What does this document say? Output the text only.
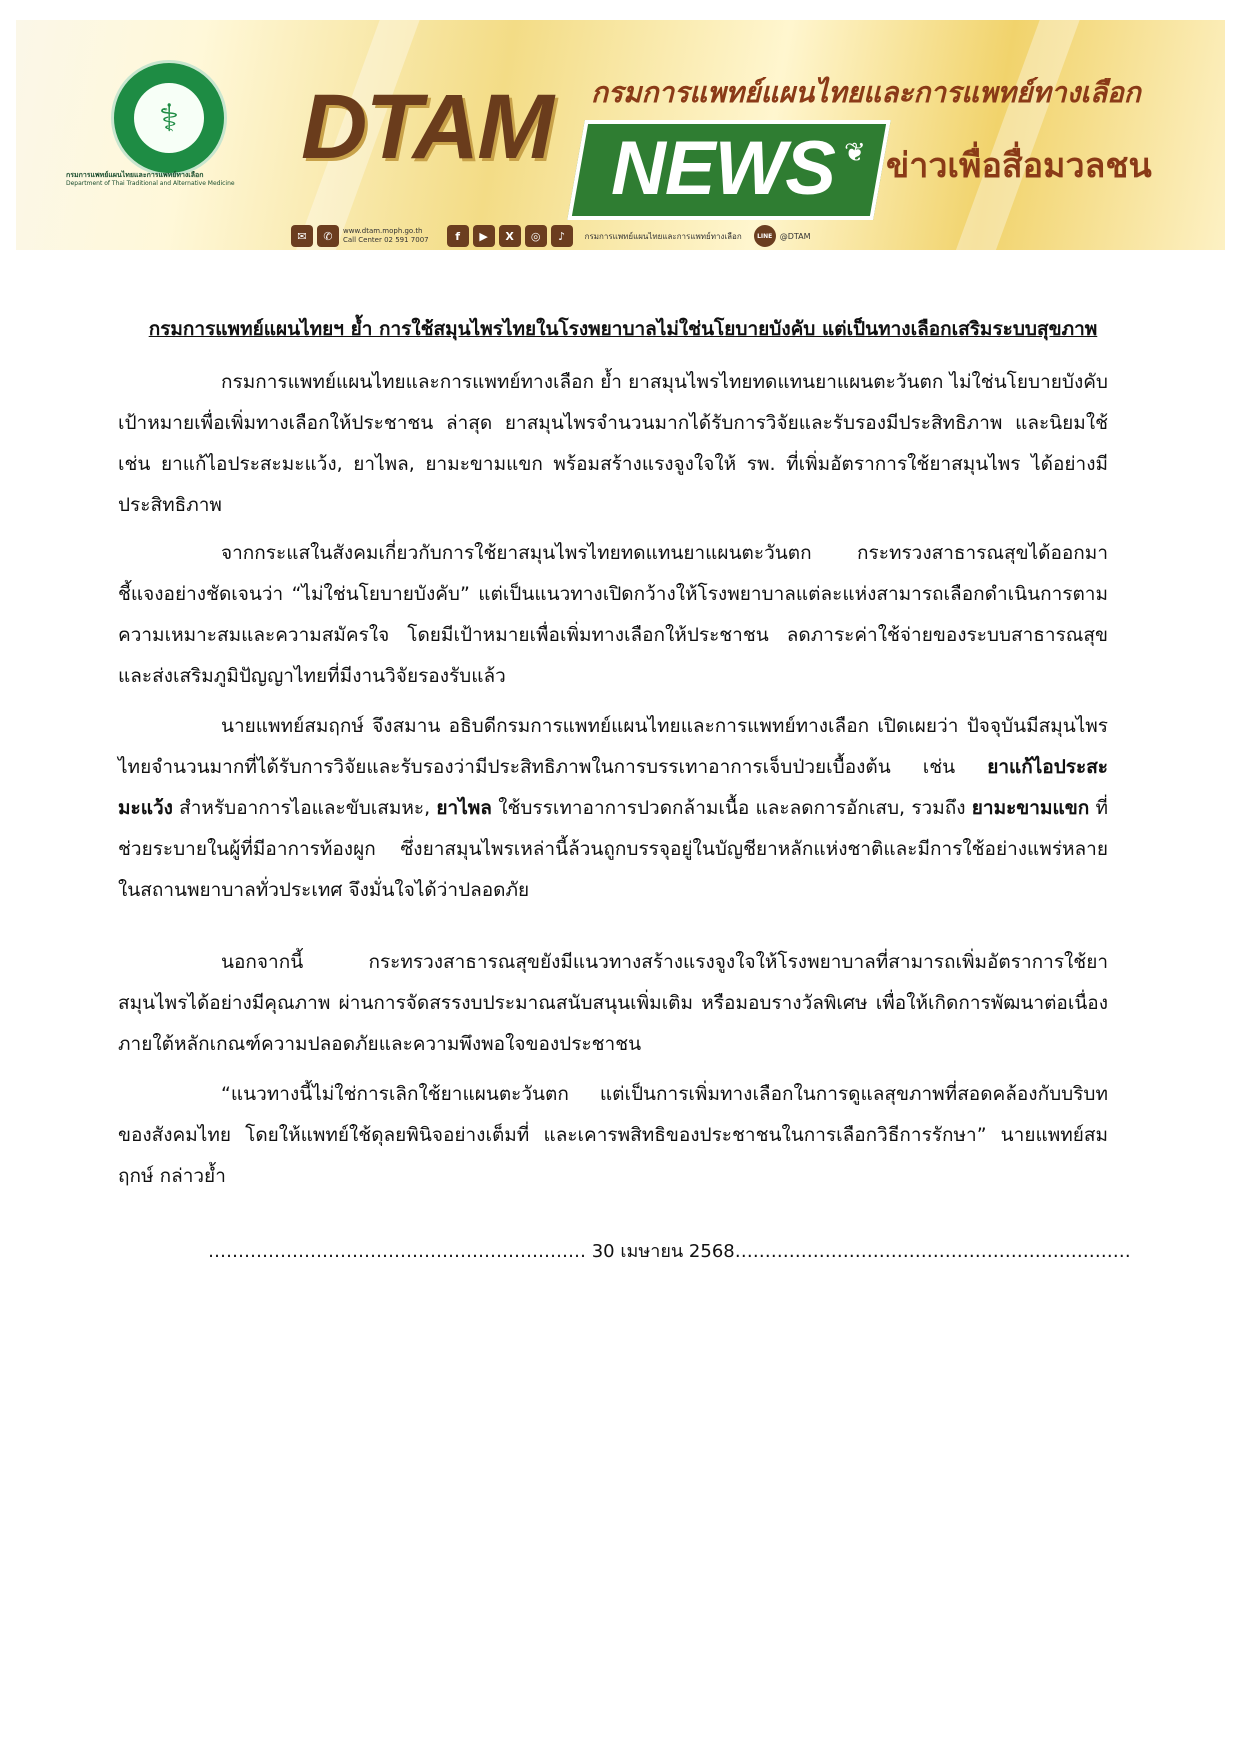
⚕
กรมการแพทย์แผนไทยและการแพทย์ทางเลือก
Department of Thai Traditional and Alternative Medicine
DTAM	กรมการแพทย์แผนไทยและการแพทย์ทางเลือก
NEWS ❦ ข่าวเพื่อสื่อมวลชน
✉	✆	www.dtam.moph.go.th
Call Center 02 591 7007	f	▶	X	◎	♪	กรมการแพทย์แผนไทยและการแพทย์ทางเลือก	LINE @DTAM
กรมการแพทย์แผนไทยฯ ย้ำ การใช้สมุนไพรไทยในโรงพยาบาลไม่ใช่นโยบายบังคับ แต่เป็นทางเลือกเสริมระบบสุขภาพ

กรมการแพทย์แผนไทยและการแพทย์ทางเลือก ย้ำ ยาสมุนไพรไทยทดแทนยาแผนตะวันตก ไม่ใช่นโยบายบังคับ เป้าหมายเพื่อเพิ่มทางเลือกให้ประชาชน ล่าสุด ยาสมุนไพรจำนวนมากได้รับการวิจัยและรับรองมีประสิทธิภาพ และนิยมใช้ เช่น ยาแก้ไอประสะมะแว้ง, ยาไพล, ยามะขามแขก พร้อมสร้างแรงจูงใจให้ รพ. ที่เพิ่มอัตราการใช้ยาสมุนไพร ได้อย่างมีประสิทธิภาพ

จากกระแสในสังคมเกี่ยวกับการใช้ยาสมุนไพรไทยทดแทนยาแผนตะวันตก กระทรวงสาธารณสุขได้ออกมาชี้แจงอย่างชัดเจนว่า “ไม่ใช่นโยบายบังคับ” แต่เป็นแนวทางเปิดกว้างให้โรงพยาบาลแต่ละแห่งสามารถเลือกดำเนินการตามความเหมาะสมและความสมัครใจ โดยมีเป้าหมายเพื่อเพิ่มทางเลือกให้ประชาชน ลดภาระค่าใช้จ่ายของระบบสาธารณสุข และส่งเสริมภูมิปัญญาไทยที่มีงานวิจัยรองรับแล้ว

นายแพทย์สมฤกษ์ จึงสมาน อธิบดีกรมการแพทย์แผนไทยและการแพทย์ทางเลือก เปิดเผยว่า ปัจจุบันมีสมุนไพรไทยจำนวนมากที่ได้รับการวิจัยและรับรองว่ามีประสิทธิภาพในการบรรเทาอาการเจ็บป่วยเบื้องต้น เช่น ยาแก้ไอประสะมะแว้ง สำหรับอาการไอและขับเสมหะ, ยาไพล ใช้บรรเทาอาการปวดกล้ามเนื้อ และลดการอักเสบ, รวมถึง ยามะขามแขก ที่ช่วยระบายในผู้ที่มีอาการท้องผูก ซึ่งยาสมุนไพรเหล่านี้ล้วนถูกบรรจุอยู่ในบัญชียาหลักแห่งชาติและมีการใช้อย่างแพร่หลายในสถานพยาบาลทั่วประเทศ จึงมั่นใจได้ว่าปลอดภัย

นอกจากนี้ กระทรวงสาธารณสุขยังมีแนวทางสร้างแรงจูงใจให้โรงพยาบาลที่สามารถเพิ่มอัตราการใช้ยาสมุนไพรได้อย่างมีคุณภาพ ผ่านการจัดสรรงบประมาณสนับสนุนเพิ่มเติม หรือมอบรางวัลพิเศษ เพื่อให้เกิดการพัฒนาต่อเนื่องภายใต้หลักเกณฑ์ความปลอดภัยและความพึงพอใจของประชาชน

“แนวทางนี้ไม่ใช่การเลิกใช้ยาแผนตะวันตก แต่เป็นการเพิ่มทางเลือกในการดูแลสุขภาพที่สอดคล้องกับบริบทของสังคมไทย โดยให้แพทย์ใช้ดุลยพินิจอย่างเต็มที่ และเคารพสิทธิของประชาชนในการเลือกวิธีการรักษา” นายแพทย์สมฤกษ์ กล่าวย้ำ

……………………………………………………… 30 เมษายน 2568…………………………………………………………
